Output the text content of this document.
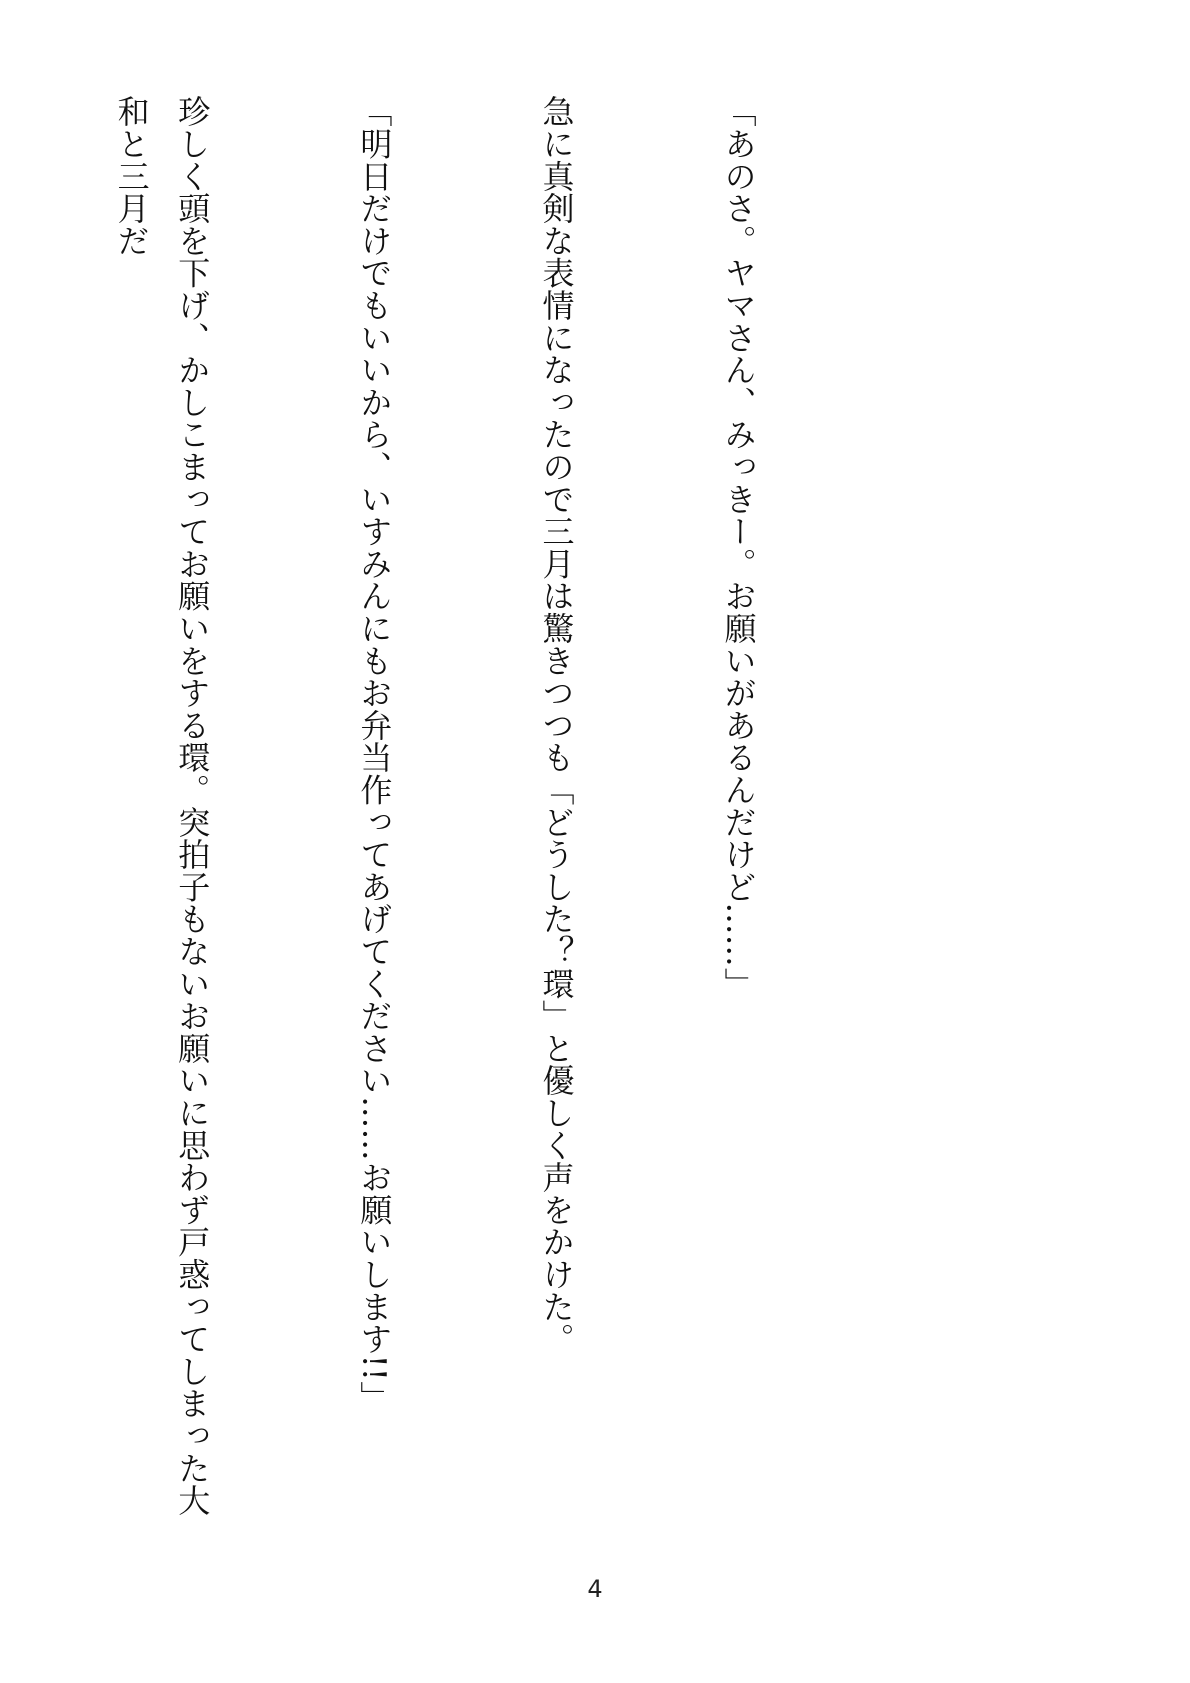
「あのさ。ヤマさん、みっきー。お願いがあるんだけど……」

急に真剣な表情になったので三月は驚きつつも「どうした？環」と優しく声をかけた。

「明日だけでもいいから、いすみんにもお弁当作ってあげてください……お願いします!!」

珍しく頭を下げ、かしこまってお願いをする環。突拍子もないお願いに思わず戸惑ってしまった大和と三月だ

4
